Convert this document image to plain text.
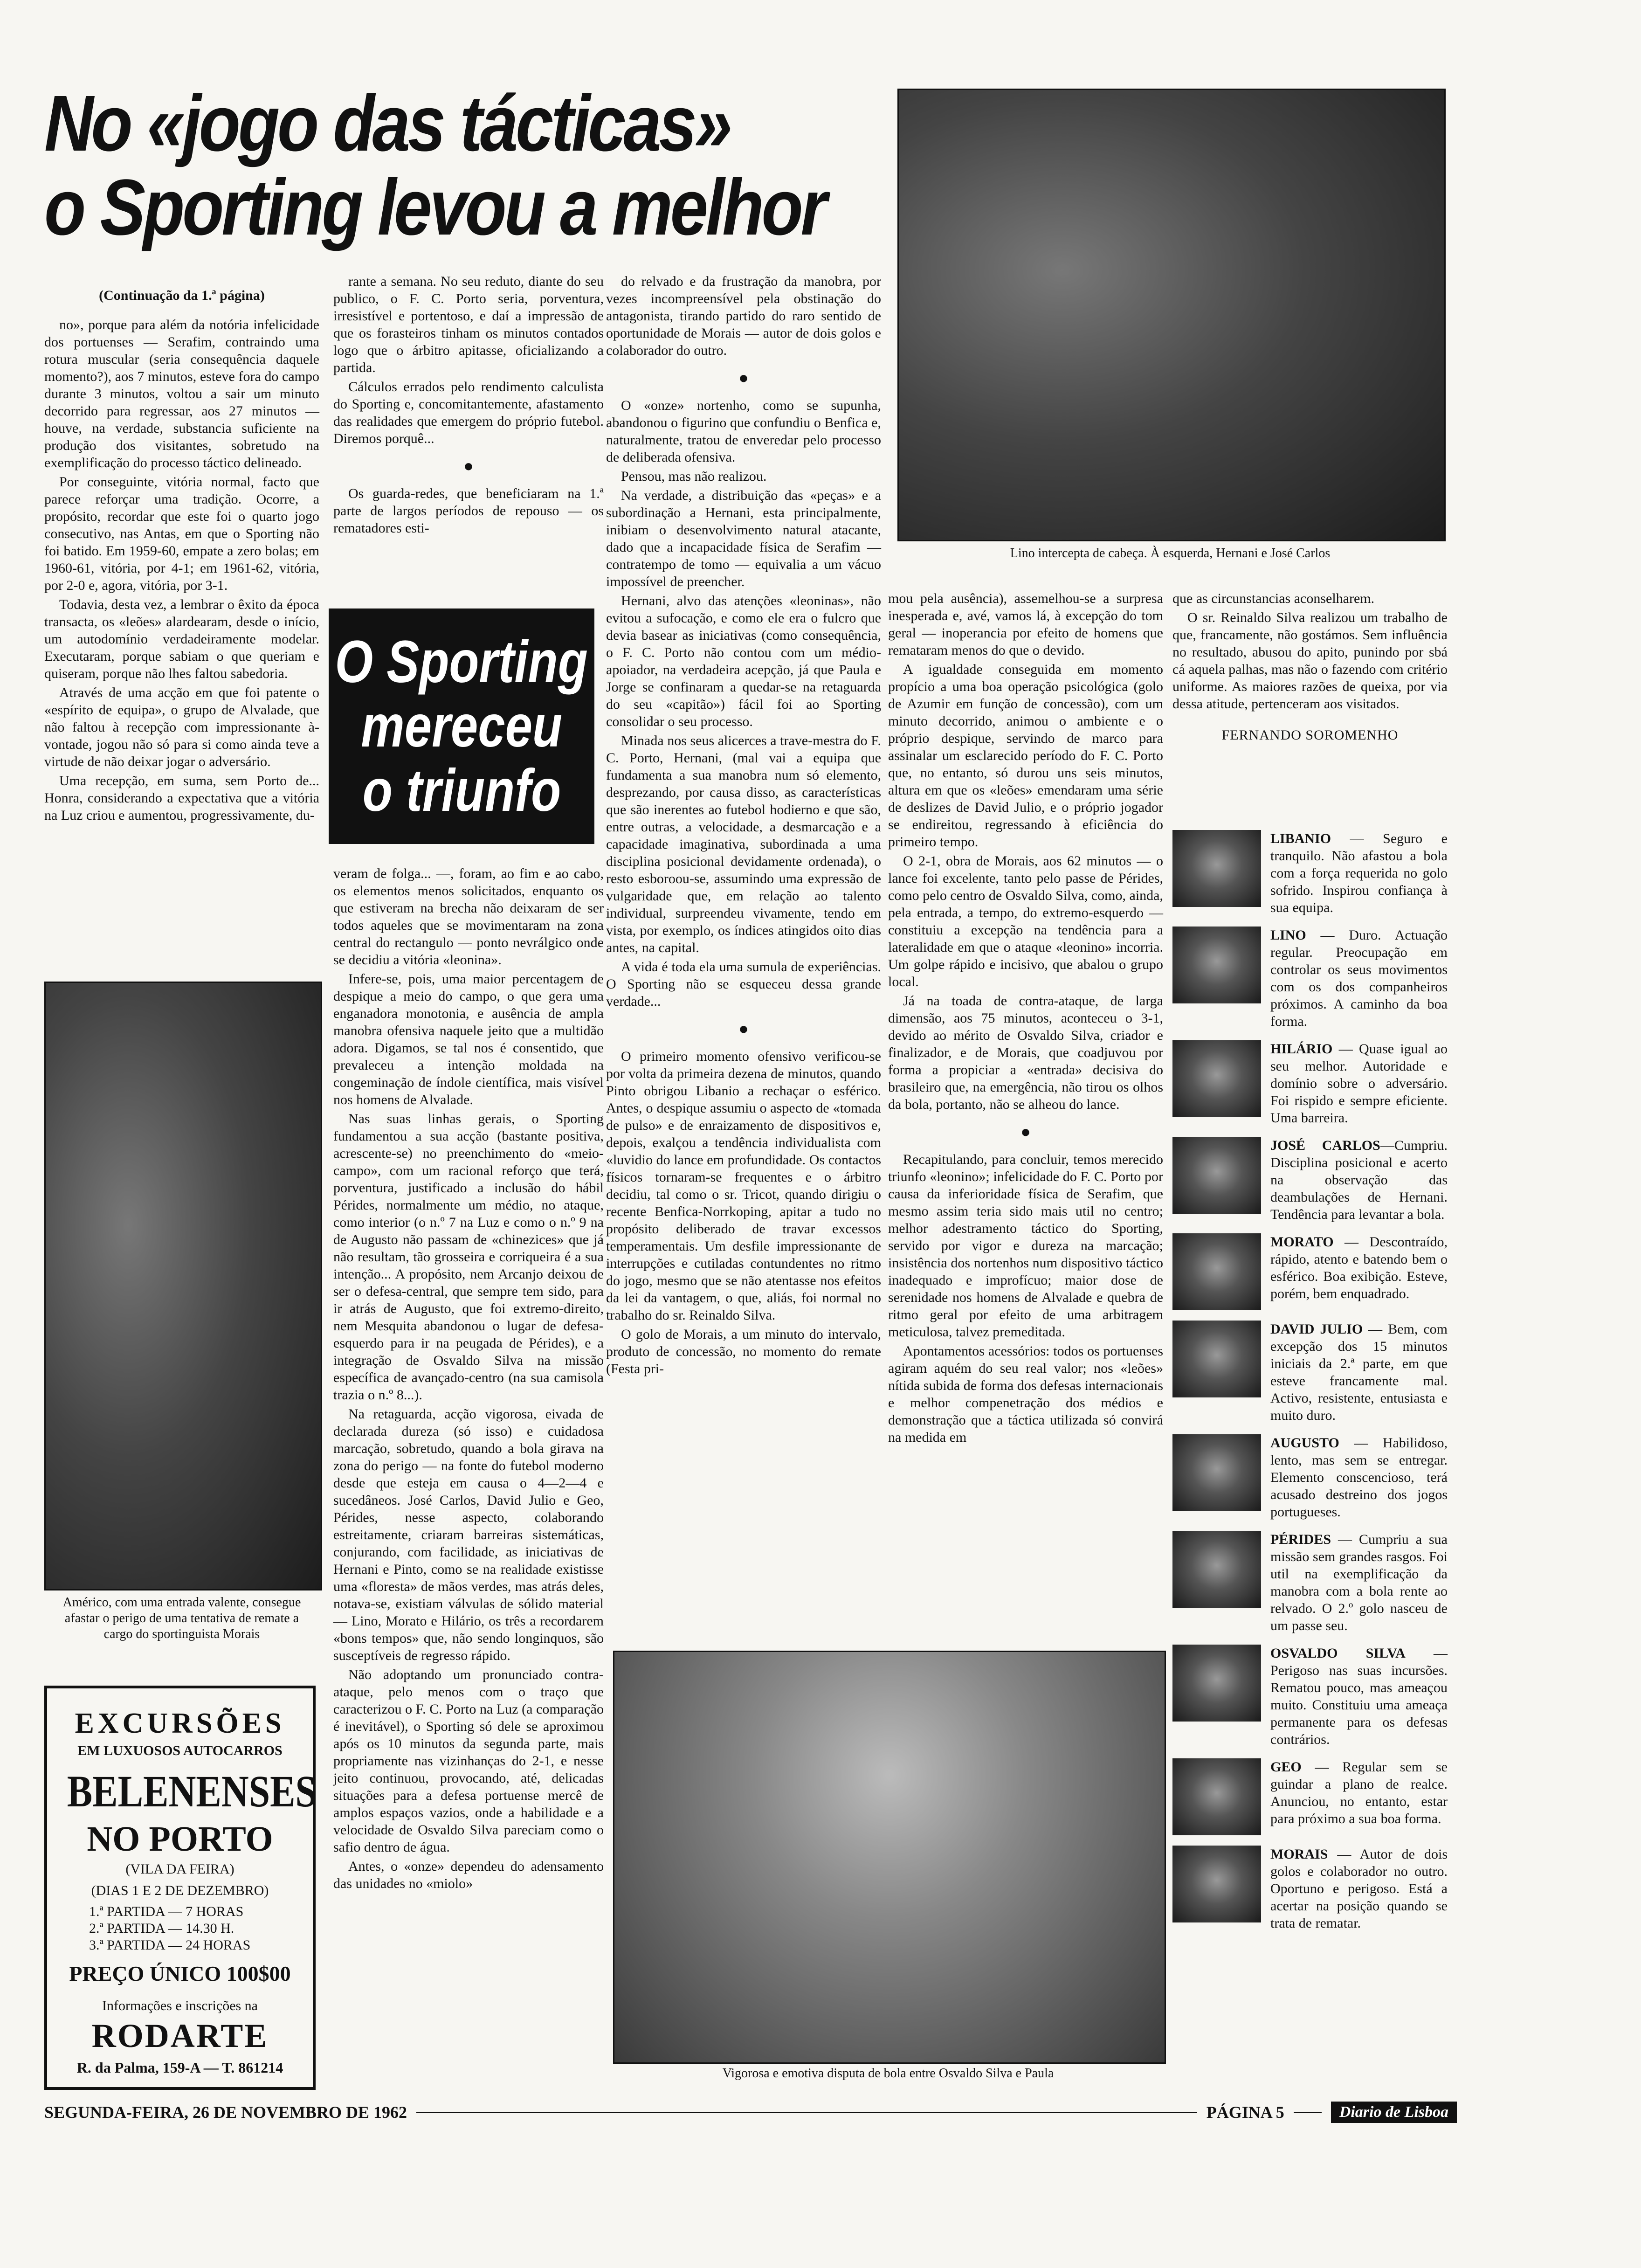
No «jogo das tácticas»
o Sporting levou a melhor
Lino intercepta de cabeça. À esquerda, Hernani e José Carlos
(Continuação da 1.ª página)

no», porque para além da notória infelicidade dos portuenses — Serafim, contraindo uma rotura muscular (seria consequência daquele momento?), aos 7 minutos, esteve fora do campo durante 3 minutos, voltou a sair um minuto decorrido para regressar, aos 27 minutos — houve, na verdade, substancia suficiente na produção dos visitantes, sobretudo na exemplificação do processo táctico delineado.

Por conseguinte, vitória normal, facto que parece reforçar uma tradição. Ocorre, a propósito, recordar que este foi o quarto jogo consecutivo, nas Antas, em que o Sporting não foi batido. Em 1959-60, empate a zero bolas; em 1960-61, vitória, por 4-1; em 1961-62, vitória, por 2-0 e, agora, vitória, por 3-1.

Todavia, desta vez, a lembrar o êxito da época transacta, os «leões» alardearam, desde o início, um autodomínio verdadeiramente modelar. Executaram, porque sabiam o que queriam e quiseram, porque não lhes faltou sabedoria.

Através de uma acção em que foi patente o «espírito de equipa», o grupo de Alvalade, que não faltou à recepção com impressionante à-vontade, jogou não só para si como ainda teve a virtude de não deixar jogar o adversário.

Uma recepção, em suma, sem Porto de... Honra, considerando a expectativa que a vitória na Luz criou e aumentou, progressivamente, du-

Américo, com uma entrada valente, consegue afastar o perigo de uma tentativa de remate a cargo do sportinguista Morais
EXCURSÕES
EM LUXUOSOS AUTOCARROS
BELENENSES
NO PORTO
(VILA DA FEIRA)
(DIAS 1 E 2 DE DEZEMBRO)
1.ª PARTIDA — 7 HORAS
2.ª PARTIDA — 14.30 H.
3.ª PARTIDA — 24 HORAS
PREÇO ÚNICO 100$00
Informações e inscrições na
RODARTE
R. da Palma, 159-A — T. 861214

rante a semana. No seu reduto, diante do seu publico, o F. C. Porto seria, porventura, irresistível e portentoso, e daí a impressão de que os forasteiros tinham os minutos contados logo que o árbitro apitasse, oficializando a partida.

Cálculos errados pelo rendimento calculista do Sporting e, concomitantemente, afastamento das realidades que emergem do próprio futebol. Diremos porquê...

●

Os guarda-redes, que beneficiaram na 1.ª parte de largos períodos de repouso — os rematadores esti-

O Sporting
mereceu
o triunfo

do relvado e da frustração da manobra, por vezes incompreensível pela obstinação do antagonista, tirando partido do raro sentido de oportunidade de Morais — autor de dois golos e colaborador do outro.

●

O «onze» nortenho, como se supunha, abandonou o figurino que confundiu o Benfica e, naturalmente, tratou de enveredar pelo processo de deliberada ofensiva.

Pensou, mas não realizou.

Na verdade, a distribuição das «peças» e a subordinação a Hernani, esta principalmente, inibiam o desenvolvimento natural atacante, dado que a incapacidade física de Serafim — contratempo de tomo — equivalia a um vácuo impossível de preencher.

Hernani, alvo das atenções «leoninas», não evitou a sufocação, e como ele era o fulcro que devia basear as iniciativas (como consequência, o F. C. Porto não contou com um médio-apoiador, na verdadeira acepção, já que Paula e Jorge se confinaram a quedar-se na retaguarda do seu «capitão») fácil foi ao Sporting consolidar o seu processo.

Minada nos seus alicerces a trave-mestra do F. C. Porto, Hernani, (mal vai a equipa que fundamenta a sua manobra num só elemento, desprezando, por causa disso, as características que são inerentes ao futebol hodierno e que são, entre outras, a velocidade, a desmarcação e a capacidade imaginativa, subordinada a uma disciplina posicional devidamente ordenada), o resto esboroou-se, assumindo uma expressão de vulgaridade que, em relação ao talento individual, surpreendeu vivamente, tendo em vista, por exemplo, os índices atingidos oito dias antes, na capital.

A vida é toda ela uma sumula de experiências. O Sporting não se esqueceu dessa grande verdade...

●

O primeiro momento ofensivo verificou-se por volta da primeira dezena de minutos, quando Pinto obrigou Libanio a rechaçar o esférico. Antes, o despique assumiu o aspecto de «tomada de pulso» e de enraizamento de dispositivos e, depois, exalçou a tendência individualista com «luvidio do lance em profundidade. Os contactos físicos tornaram-se frequentes e o árbitro decidiu, tal como o sr. Tricot, quando dirigiu o recente Benfica-Norrkoping, apitar a tudo no propósito deliberado de travar excessos temperamentais. Um desfile impressionante de interrupções e cutiladas contundentes no ritmo do jogo, mesmo que se não atentasse nos efeitos da lei da vantagem, o que, aliás, foi normal no trabalho do sr. Reinaldo Silva.

O golo de Morais, a um minuto do intervalo, produto de concessão, no momento do remate (Festa pri-

veram de folga... —, foram, ao fim e ao cabo, os elementos menos solicitados, enquanto os que estiveram na brecha não deixaram de ser todos aqueles que se movimentaram na zona central do rectangulo — ponto nevrálgico onde se decidiu a vitória «leonina».

Infere-se, pois, uma maior percentagem de despique a meio do campo, o que gera uma enganadora monotonia, e ausência de ampla manobra ofensiva naquele jeito que a multidão adora. Digamos, se tal nos é consentido, que prevaleceu a intenção moldada na congeminação de índole científica, mais visível nos homens de Alvalade.

Nas suas linhas gerais, o Sporting fundamentou a sua acção (bastante positiva, acrescente-se) no preenchimento do «meio-campo», com um racional reforço que terá, porventura, justificado a inclusão do hábil Pérides, normalmente um médio, no ataque, como interior (o n.º 7 na Luz e como o n.º 9 na de Augusto não passam de «chinezices» que já não resultam, tão grosseira e corriqueira é a sua intenção... A propósito, nem Arcanjo deixou de ser o defesa-central, que sempre tem sido, para ir atrás de Augusto, que foi extremo-direito, nem Mesquita abandonou o lugar de defesa-esquerdo para ir na peugada de Pérides), e a integração de Osvaldo Silva na missão específica de avançado-centro (na sua camisola trazia o n.º 8...).

Na retaguarda, acção vigorosa, eivada de declarada dureza (só isso) e cuidadosa marcação, sobretudo, quando a bola girava na zona do perigo — na fonte do futebol moderno desde que esteja em causa o 4—2—4 e sucedâneos. José Carlos, David Julio e Geo, Pérides, nesse aspecto, colaborando estreitamente, criaram barreiras sistemáticas, conjurando, com facilidade, as iniciativas de Hernani e Pinto, como se na realidade existisse uma «floresta» de mãos verdes, mas atrás deles, notava-se, existiam válvulas de sólido material — Lino, Morato e Hilário, os três a recordarem «bons tempos» que, não sendo longinquos, são susceptíveis de regresso rápido.

Não adoptando um pronunciado contra-ataque, pelo menos com o traço que caracterizou o F. C. Porto na Luz (a comparação é inevitável), o Sporting só dele se aproximou após os 10 minutos da segunda parte, mais propriamente nas vizinhanças do 2-1, e nesse jeito continuou, provocando, até, delicadas situações para a defesa portuense mercê de amplos espaços vazios, onde a habilidade e a velocidade de Osvaldo Silva pareciam como o safio dentro de água.

Antes, o «onze» dependeu do adensamento das unidades no «miolo»

mou pela ausência), assemelhou-se a surpresa inesperada e, avé, vamos lá, à excepção do tom geral — inoperancia por efeito de homens que remataram menos do que o devido.

A igualdade conseguida em momento propício a uma boa operação psicológica (golo de Azumir em função de concessão), com um minuto decorrido, animou o ambiente e o próprio despique, servindo de marco para assinalar um esclarecido período do F. C. Porto que, no entanto, só durou uns seis minutos, altura em que os «leões» emendaram uma série de deslizes de David Julio, e o próprio jogador se endireitou, regressando à eficiência do primeiro tempo.

O 2-1, obra de Morais, aos 62 minutos — o lance foi excelente, tanto pelo passe de Pérides, como pelo centro de Osvaldo Silva, como, ainda, pela entrada, a tempo, do extremo-esquerdo — constituiu a excepção na tendência para a lateralidade em que o ataque «leonino» incorria. Um golpe rápido e incisivo, que abalou o grupo local.

Já na toada de contra-ataque, de larga dimensão, aos 75 minutos, aconteceu o 3-1, devido ao mérito de Osvaldo Silva, criador e finalizador, e de Morais, que coadjuvou por forma a propiciar a «entrada» decisiva do brasileiro que, na emergência, não tirou os olhos da bola, portanto, não se alheou do lance.

●

Recapitulando, para concluir, temos merecido triunfo «leonino»; infelicidade do F. C. Porto por causa da inferioridade física de Serafim, que mesmo assim teria sido mais util no centro; melhor adestramento táctico do Sporting, servido por vigor e dureza na marcação; insistência dos nortenhos num dispositivo táctico inadequado e improfícuo; maior dose de serenidade nos homens de Alvalade e quebra de ritmo geral por efeito de uma arbitragem meticulosa, talvez premeditada.

Apontamentos acessórios: todos os portuenses agiram aquém do seu real valor; nos «leões» nítida subida de forma dos defesas internacionais e melhor compenetração dos médios e demonstração que a táctica utilizada só convirá na medida em

Vigorosa e emotiva disputa de bola entre Osvaldo Silva e Paula

que as circunstancias aconselharem.

O sr. Reinaldo Silva realizou um trabalho de que, francamente, não gostámos. Sem influência no resultado, abusou do apito, punindo por sbá cá aquela palhas, mas não o fazendo com critério uniforme. As maiores razões de queixa, por via dessa atitude, pertenceram aos visitados.

FERNANDO SOROMENHO
LIBANIO — Seguro e tranquilo. Não afastou a bola com a força requerida no golo sofrido. Inspirou confiança à sua equipa.
LINO — Duro. Actuação regular. Preocupação em controlar os seus movimentos com os dos companheiros próximos. A caminho da boa forma.
HILÁRIO — Quase igual ao seu melhor. Autoridade e domínio sobre o adversário. Foi rispido e sempre eficiente. Uma barreira.
JOSÉ CARLOS—Cumpriu. Disciplina posicional e acerto na observação das deambulações de Hernani. Tendência para levantar a bola.
MORATO — Descontraído, rápido, atento e batendo bem o esférico. Boa exibição. Esteve, porém, bem enquadrado.
DAVID JULIO — Bem, com excepção dos 15 minutos iniciais da 2.ª parte, em que esteve francamente mal. Activo, resistente, entusiasta e muito duro.
AUGUSTO — Habilidoso, lento, mas sem se entregar. Elemento conscencioso, terá acusado destreino dos jogos portugueses.
PÉRIDES — Cumpriu a sua missão sem grandes rasgos. Foi util na exemplificação da manobra com a bola rente ao relvado. O 2.º golo nasceu de um passe seu.
OSVALDO SILVA — Perigoso nas suas incursões. Rematou pouco, mas ameaçou muito. Constituiu uma ameaça permanente para os defesas contrários.
GEO — Regular sem se guindar a plano de realce. Anunciou, no entanto, estar para próximo a sua boa forma.
MORAIS — Autor de dois golos e colaborador no outro. Oportuno e perigoso. Está a acertar na posição quando se trata de rematar.
SEGUNDA-FEIRA, 26 DE NOVEMBRO DE 1962	PÁGINA 5	Diario de Lisboa
